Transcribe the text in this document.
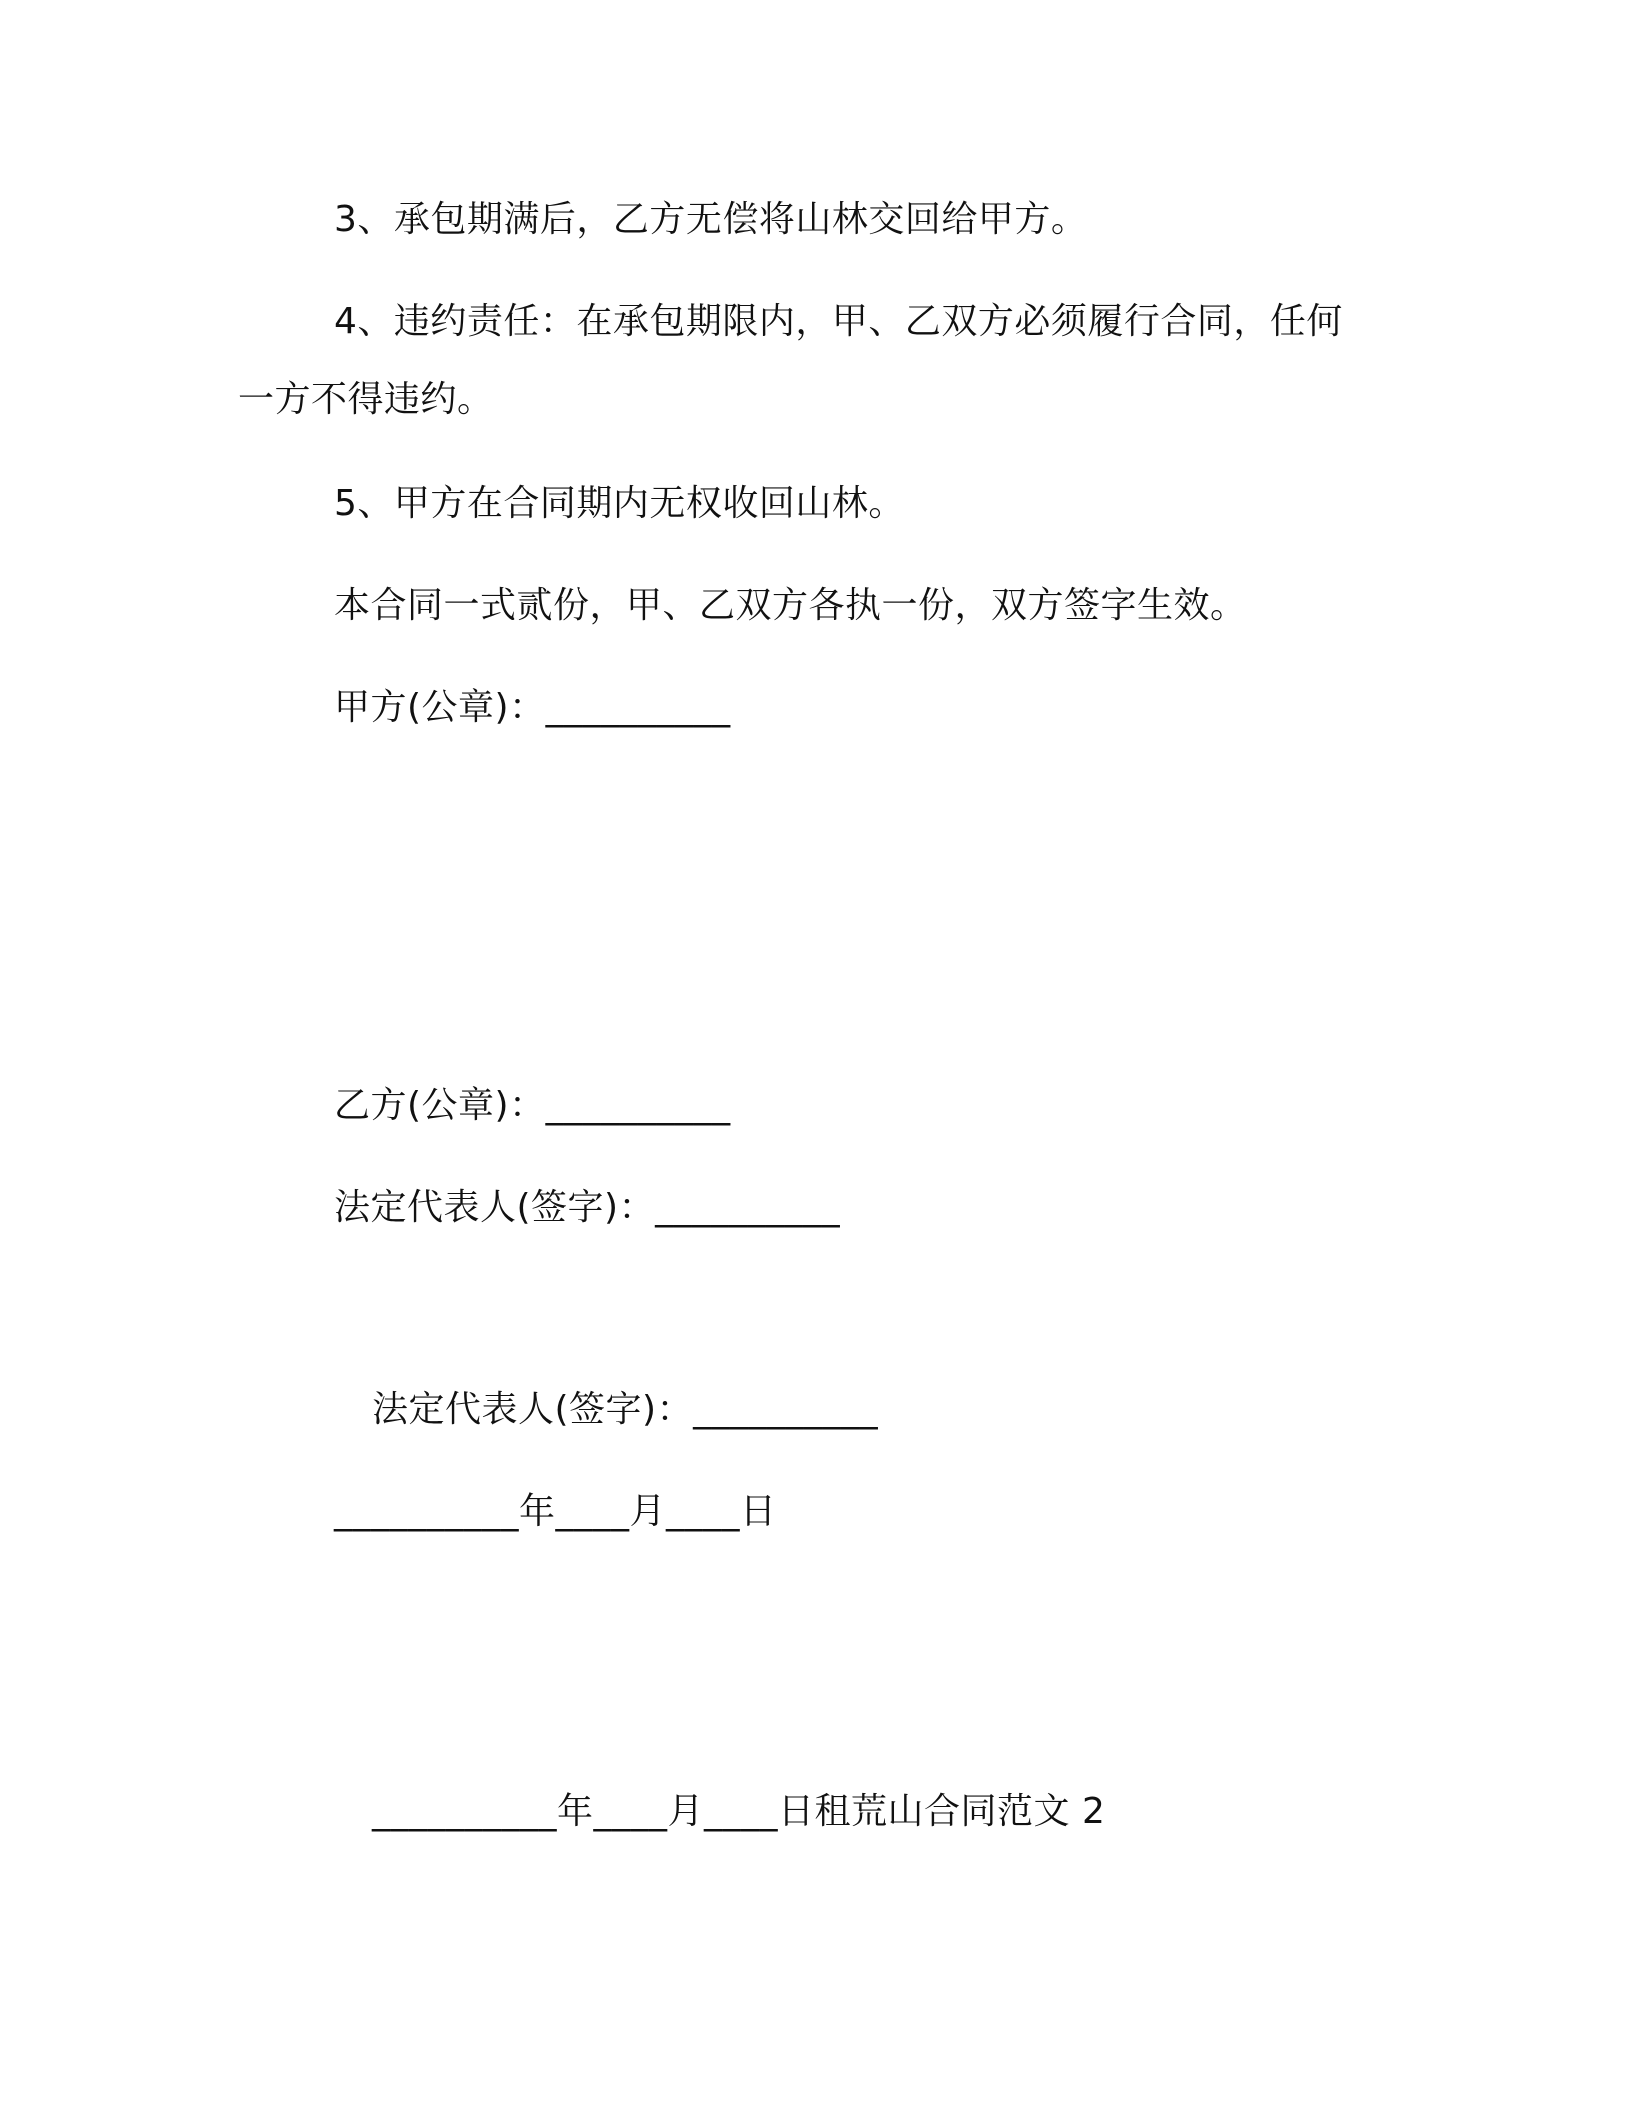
3、承包期满后，乙方无偿将山林交回给甲方。

4、违约责任：在承包期限内，甲、乙双方必须履行合同，任何

一方不得违约。

5、甲方在合同期内无权收回山林。

本合同一式贰份，甲、乙双方各执一份，双方签字生效。

甲方(公章)：__________

乙方(公章)：__________

法定代表人(签字)：__________

法定代表人(签字)：__________

__________年____月____日

__________年____月____日租荒山合同范文 2
